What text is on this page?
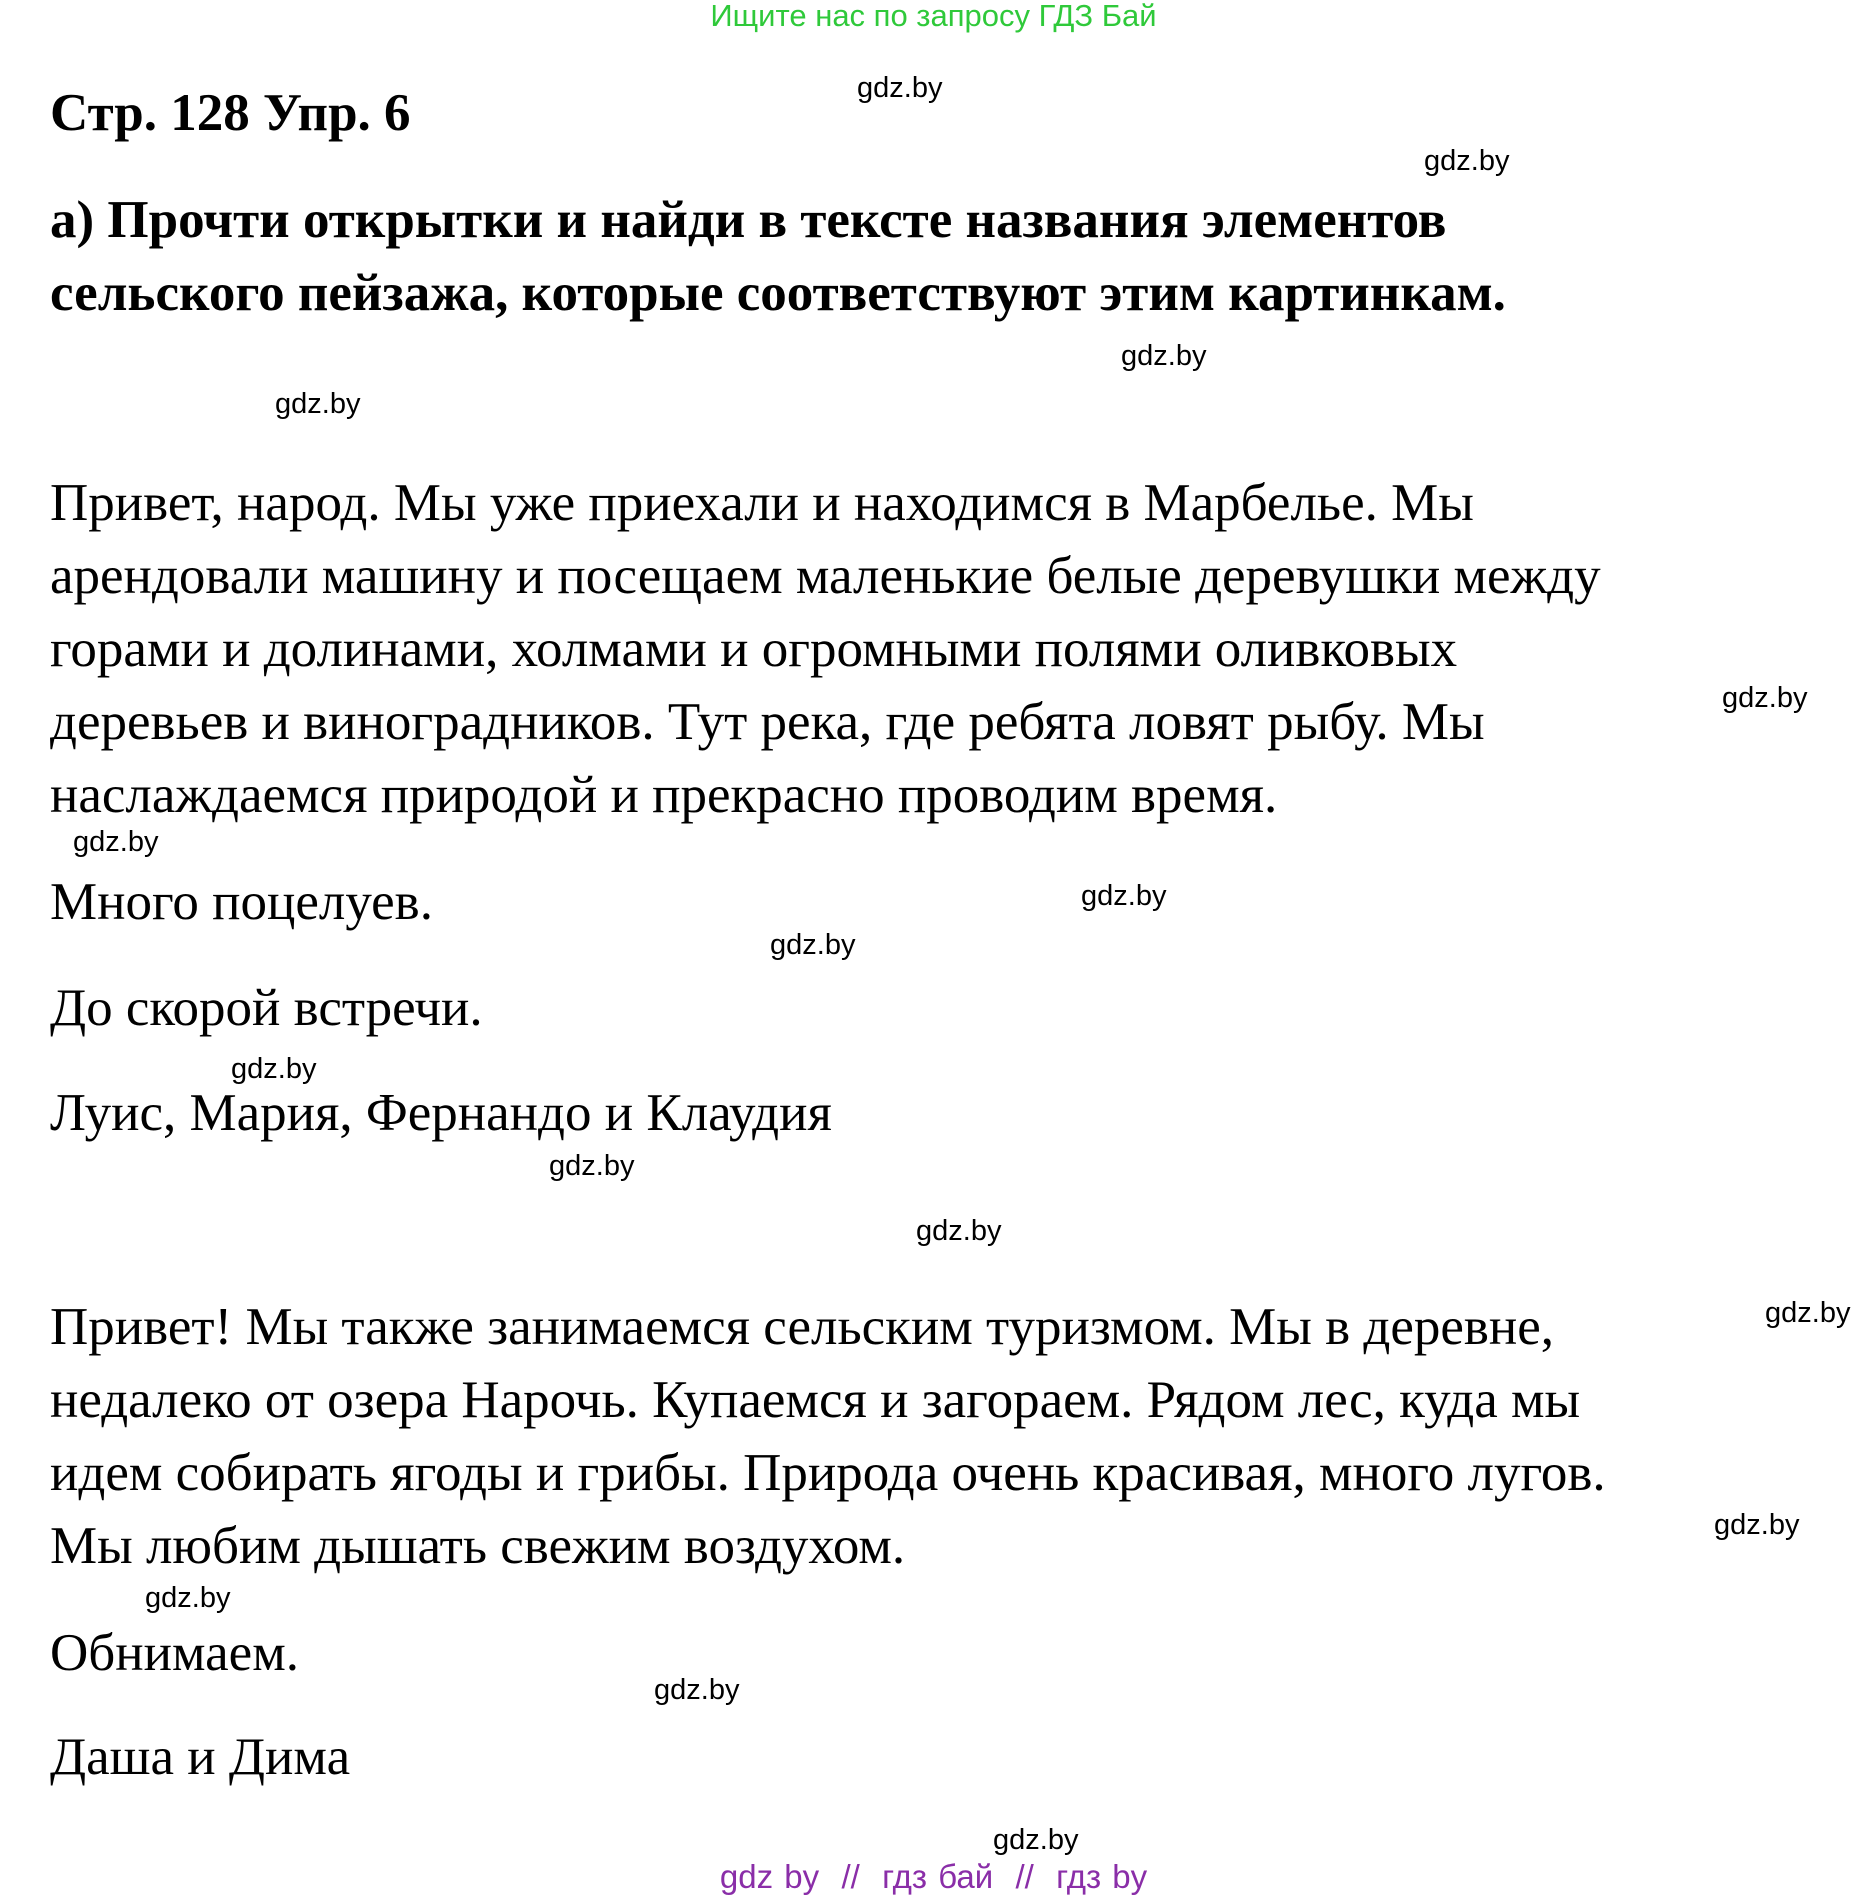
Ищите нас по запросу ГДЗ Бай
Стр. 128 Упр. 6
а) Прочти открытки и найди в тексте названия элементов
сельского пейзажа, которые соответствуют этим картинкам.
Привет, народ. Мы уже приехали и находимся в Марбелье. Мы
арендовали машину и посещаем маленькие белые деревушки между
горами и долинами, холмами и огромными полями оливковых
деревьев и виноградников. Тут река, где ребята ловят рыбу. Мы
наслаждаемся природой и прекрасно проводим время.
Много поцелуев.
До скорой встречи.
Луис, Мария, Фернандо и Клаудия
Привет! Мы также занимаемся сельским туризмом. Мы в деревне,
недалеко от озера Нарочь. Купаемся и загораем. Рядом лес, куда мы
идем собирать ягоды и грибы. Природа очень красивая, много лугов.
Мы любим дышать свежим воздухом.
Обнимаем.
Даша и Дима
gdz.by
gdz.by
gdz.by
gdz.by
gdz.by
gdz.by
gdz.by
gdz.by
gdz.by
gdz.by
gdz.by
gdz.by
gdz.by
gdz.by
gdz.by
gdz.by
gdz by  //  гдз бай  //  гдз by
